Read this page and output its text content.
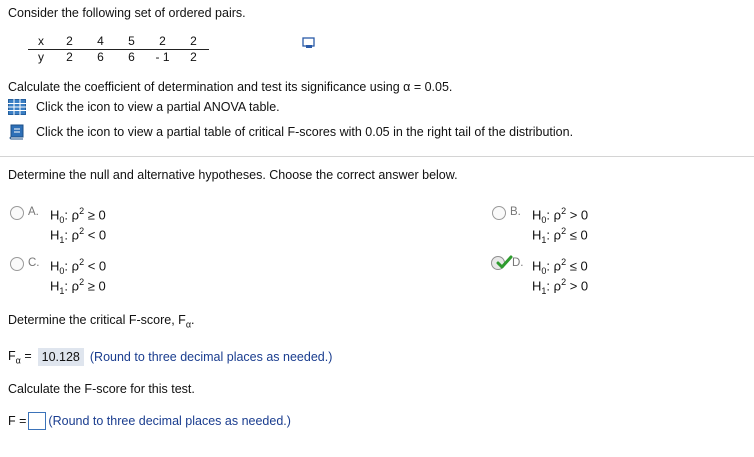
Consider the following set of ordered pairs.
x	2	4	5	2	2
y	2	6	6	- 1	2
Calculate the coefficient of determination and test its significance using α = 0.05.
Click the icon to view a partial ANOVA table.
Click the icon to view a partial table of critical F-scores with 0.05 in the right tail of the distribution.
Determine the null and alternative hypotheses. Choose the correct answer below.
A. $H_0$: $\rho^2 \ge 0$
$H_1$: $\rho^2 < 0$
C. $H_0$: $\rho^2 < 0$
$H_1$: $\rho^2 \ge 0$
B. $H_0$: $\rho^2 > 0$
$H_1$: $\rho^2 \le 0$
D. $H_0$: $\rho^2 \le 0$
$H_1$: $\rho^2 > 0$
Determine the critical F-score, $F_\alpha$.
$F_\alpha = 10.128$ (Round to three decimal places as needed.)
Calculate the F-score for this test.
F = (Round to three decimal places as needed.)
